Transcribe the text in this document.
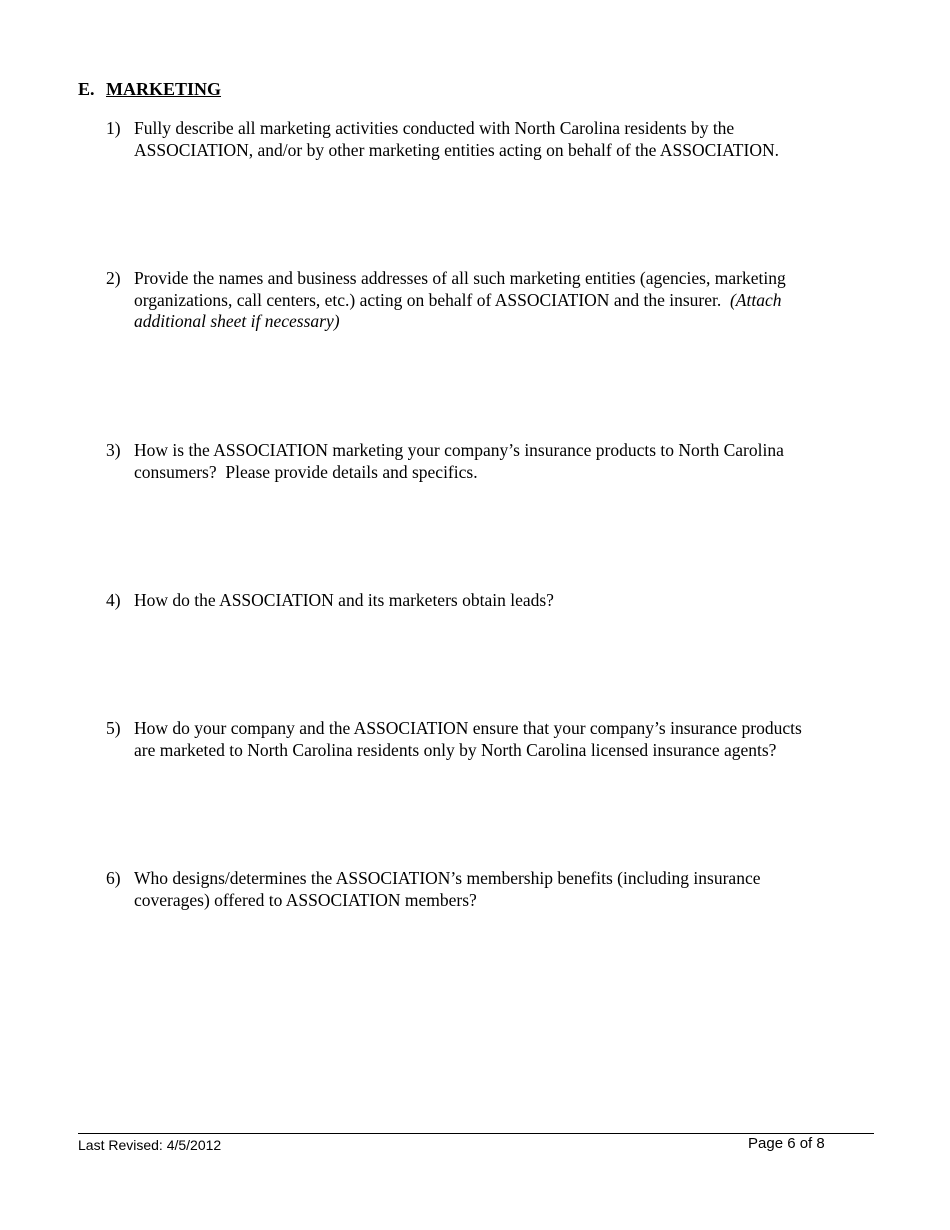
E. MARKETING
1) Fully describe all marketing activities conducted with North Carolina residents by the
ASSOCIATION, and/or by other marketing entities acting on behalf of the ASSOCIATION.
2) Provide the names and business addresses of all such marketing entities (agencies, marketing
organizations, call centers, etc.) acting on behalf of ASSOCIATION and the insurer. (Attach
additional sheet if necessary)
3) How is the ASSOCIATION marketing your company’s insurance products to North Carolina
consumers?  Please provide details and specifics.
4) How do the ASSOCIATION and its marketers obtain leads?
5) How do your company and the ASSOCIATION ensure that your company’s insurance products
are marketed to North Carolina residents only by North Carolina licensed insurance agents?
6) Who designs/determines the ASSOCIATION’s membership benefits (including insurance
coverages) offered to ASSOCIATION members?
Last Revised: 4/5/2012	Page 6 of 8
